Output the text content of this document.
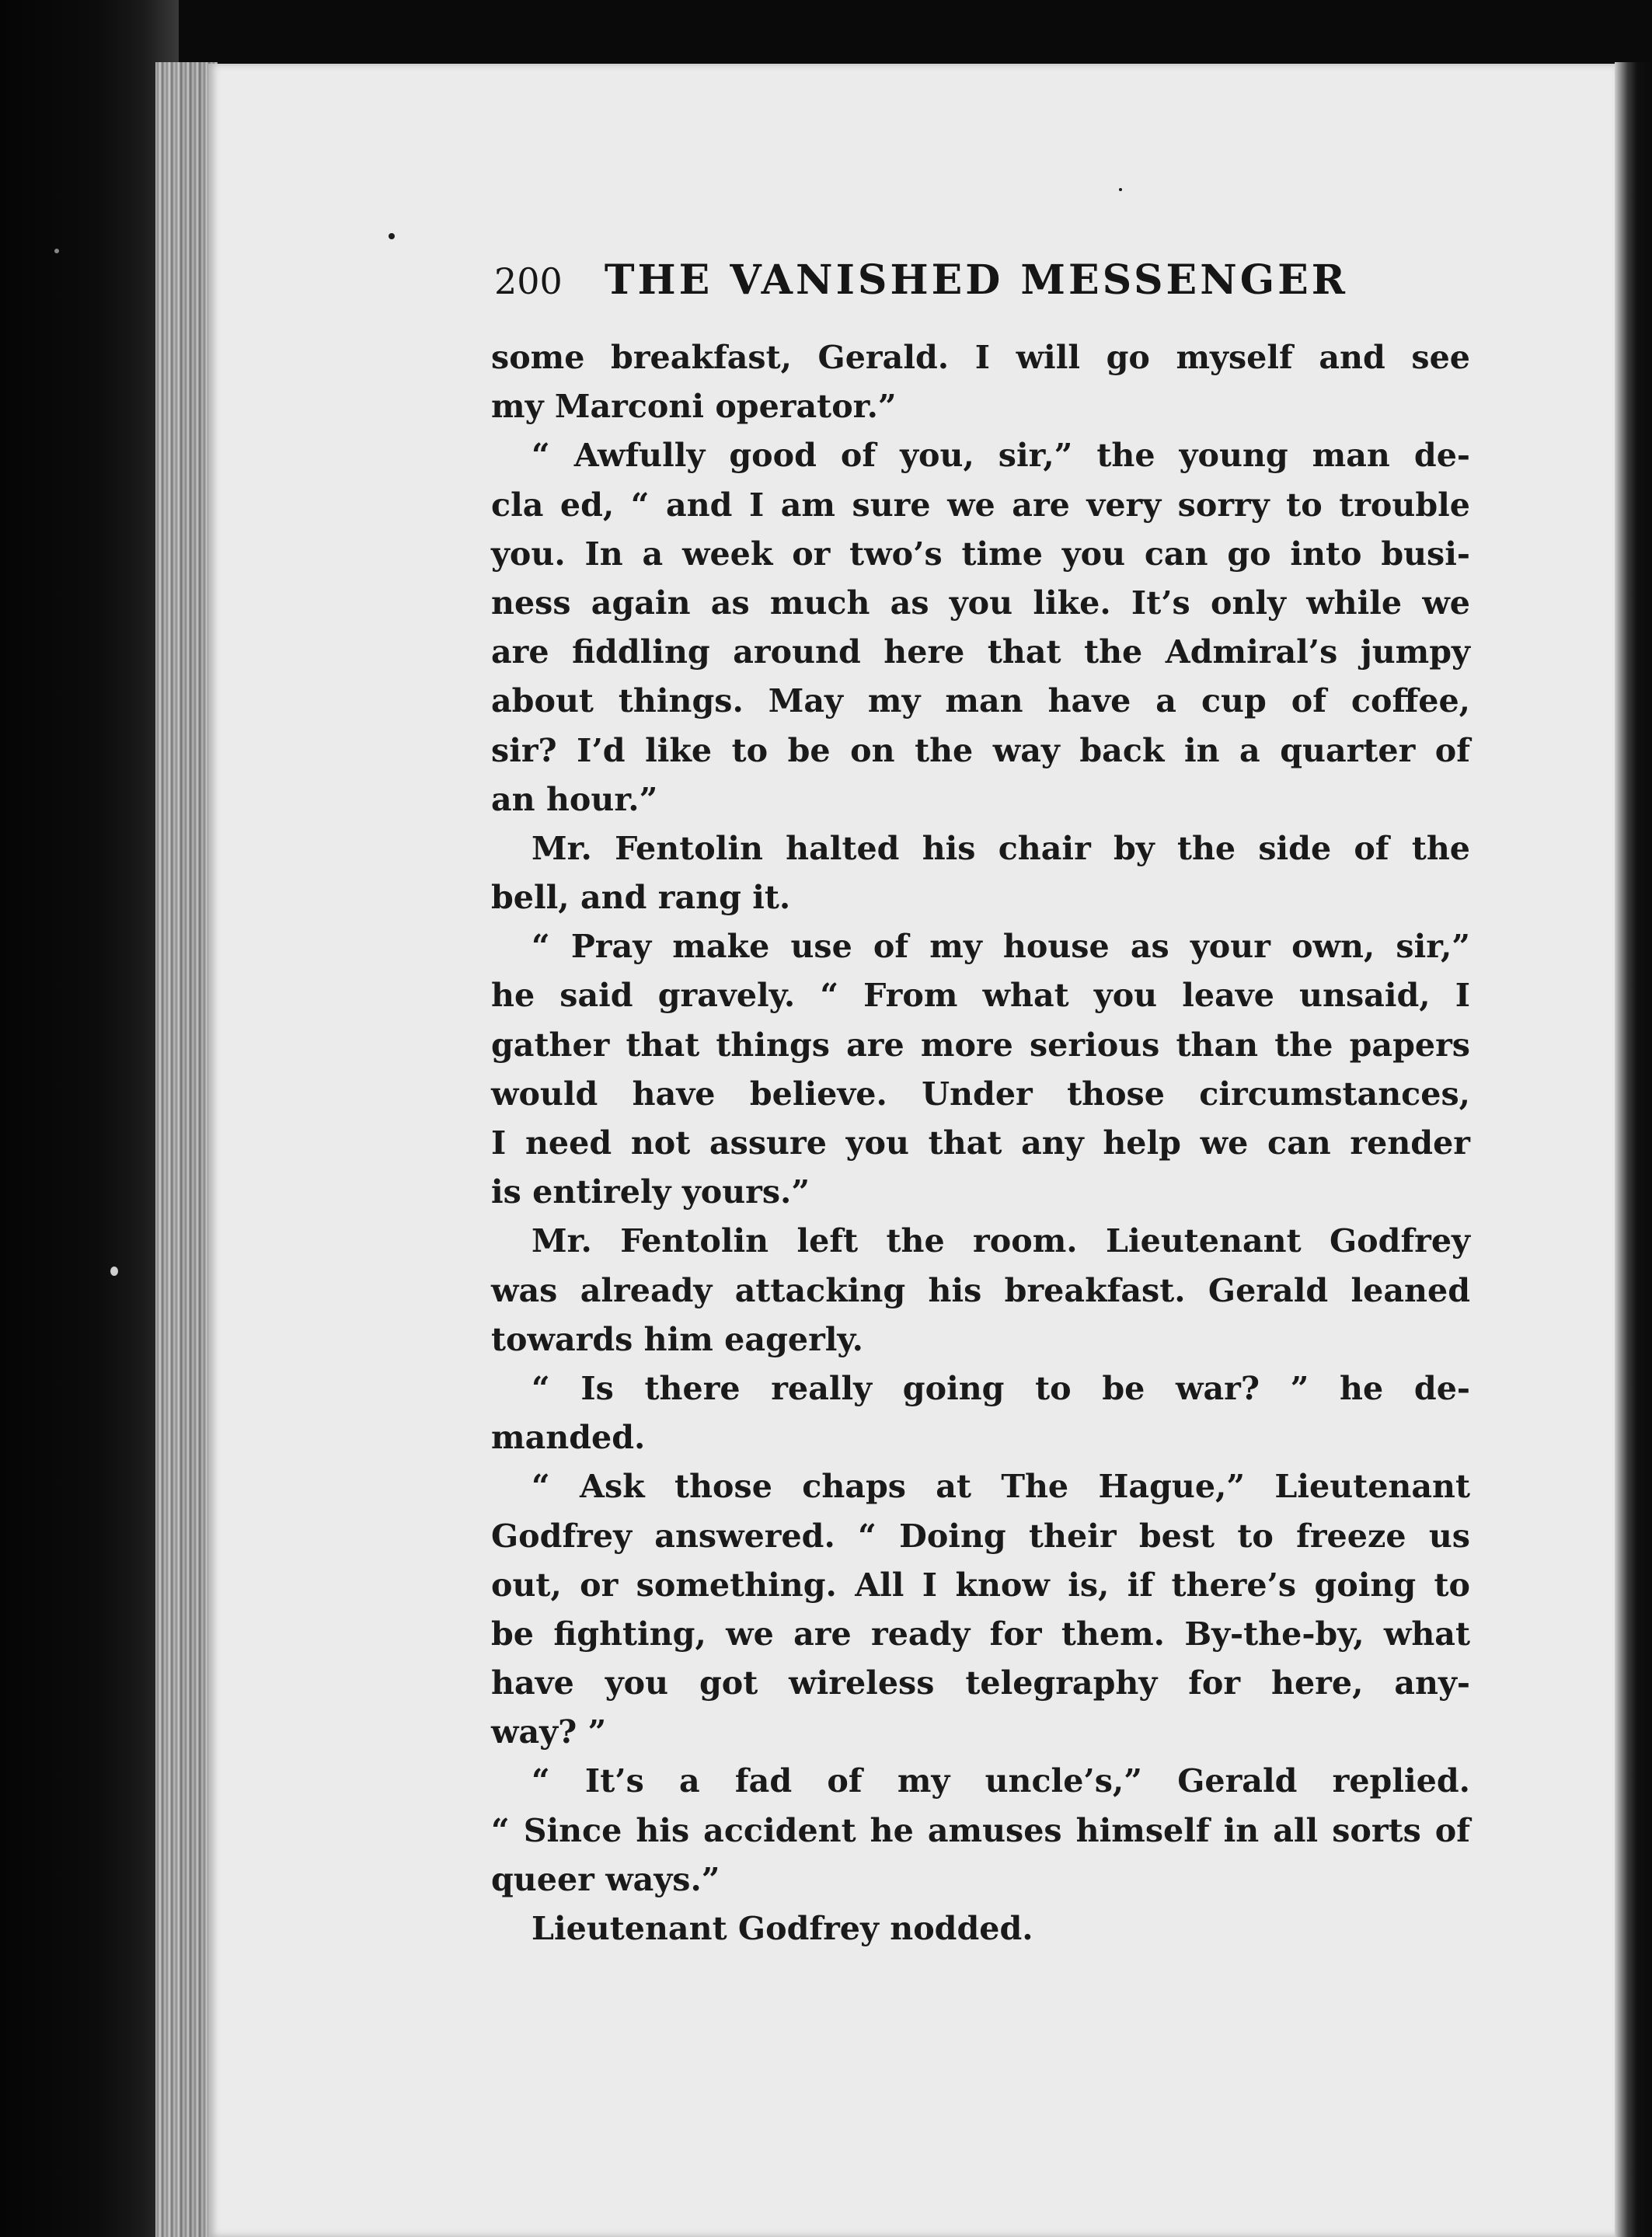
200 THE VANISHED MESSENGER
some breakfast, Gerald. I will go myself and see
my Marconi operator.”
“ Awfully good of you, sir,” the young man de-
cla ed, “ and I am sure we are very sorry to trouble
you. In a week or two’s time you can go into busi-
ness again as much as you like. It’s only while we
are fiddling around here that the Admiral’s jumpy
about things. May my man have a cup of coffee,
sir? I’d like to be on the way back in a quarter of
an hour.”
Mr. Fentolin halted his chair by the side of the
bell, and rang it.
“ Pray make use of my house as your own, sir,”
he said gravely. “ From what you leave unsaid, I
gather that things are more serious than the papers
would have believe. Under those circumstances,
I need not assure you that any help we can render
is entirely yours.”
Mr. Fentolin left the room. Lieutenant Godfrey
was already attacking his breakfast. Gerald leaned
towards him eagerly.
“ Is there really going to be war? ” he de-
manded.
“ Ask those chaps at The Hague,” Lieutenant
Godfrey answered. “ Doing their best to freeze us
out, or something. All I know is, if there’s going to
be fighting, we are ready for them. By-the-by, what
have you got wireless telegraphy for here, any-
way? ”
“ It’s a fad of my uncle’s,” Gerald replied.
“ Since his accident he amuses himself in all sorts of
queer ways.”
Lieutenant Godfrey nodded.
